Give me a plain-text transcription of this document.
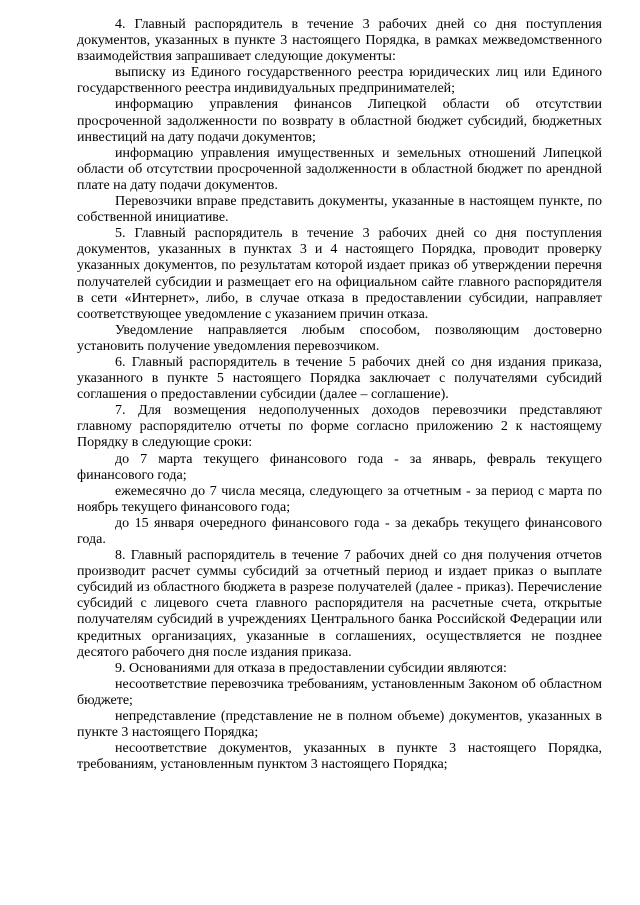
4. Главный распорядитель в течение 3 рабочих дней со дня поступления документов, указанных в пункте 3 настоящего Порядка, в рамках межведомственного взаимодействия запрашивает следующие документы:

выписку из Единого государственного реестра юридических лиц или Единого государственного реестра индивидуальных предпринимателей;

информацию управления финансов Липецкой области об отсутствии просроченной задолженности по возврату в областной бюджет субсидий, бюджетных инвестиций на дату подачи документов;

информацию управления имущественных и земельных отношений Липецкой области об отсутствии просроченной задолженности в областной бюджет по арендной плате на дату подачи документов.

Перевозчики вправе представить документы, указанные в настоящем пункте, по собственной инициативе.

5. Главный распорядитель в течение 3 рабочих дней со дня поступления документов, указанных в пунктах 3 и 4 настоящего Порядка, проводит проверку указанных документов, по результатам которой издает приказ об утверждении перечня получателей субсидии и размещает его на официальном сайте главного распорядителя в сети «Интернет», либо, в случае отказа в предоставлении субсидии, направляет соответствующее уведомление с указанием причин отказа.

Уведомление направляется любым способом, позволяющим достоверно установить получение уведомления перевозчиком.

6. Главный распорядитель в течение 5 рабочих дней со дня издания приказа, указанного в пункте 5 настоящего Порядка заключает с получателями субсидий соглашения о предоставлении субсидии (далее – соглашение).

7. Для возмещения недополученных доходов перевозчики представляют главному распорядителю отчеты по форме согласно приложению 2 к настоящему Порядку в следующие сроки:

до 7 марта текущего финансового года - за январь, февраль текущего финансового года;

ежемесячно до 7 числа месяца, следующего за отчетным - за период с марта по ноябрь текущего финансового года;

до 15 января очередного финансового года - за декабрь текущего финансового года.

8. Главный распорядитель в течение 7 рабочих дней со дня получения отчетов производит расчет суммы субсидий за отчетный период и издает приказ о выплате субсидий из областного бюджета в разрезе получателей (далее - приказ). Перечисление субсидий с лицевого счета главного распорядителя на расчетные счета, открытые получателям субсидий в учреждениях Центрального банка Российской Федерации или кредитных организациях, указанные в соглашениях, осуществляется не позднее десятого рабочего дня после издания приказа.

9. Основаниями для отказа в предоставлении субсидии являются:

несоответствие перевозчика требованиям, установленным Законом об областном бюджете;

непредставление (представление не в полном объеме) документов, указанных в пункте 3 настоящего Порядка;

несоответствие документов, указанных в пункте 3 настоящего Порядка, требованиям, установленным пунктом 3 настоящего Порядка;
